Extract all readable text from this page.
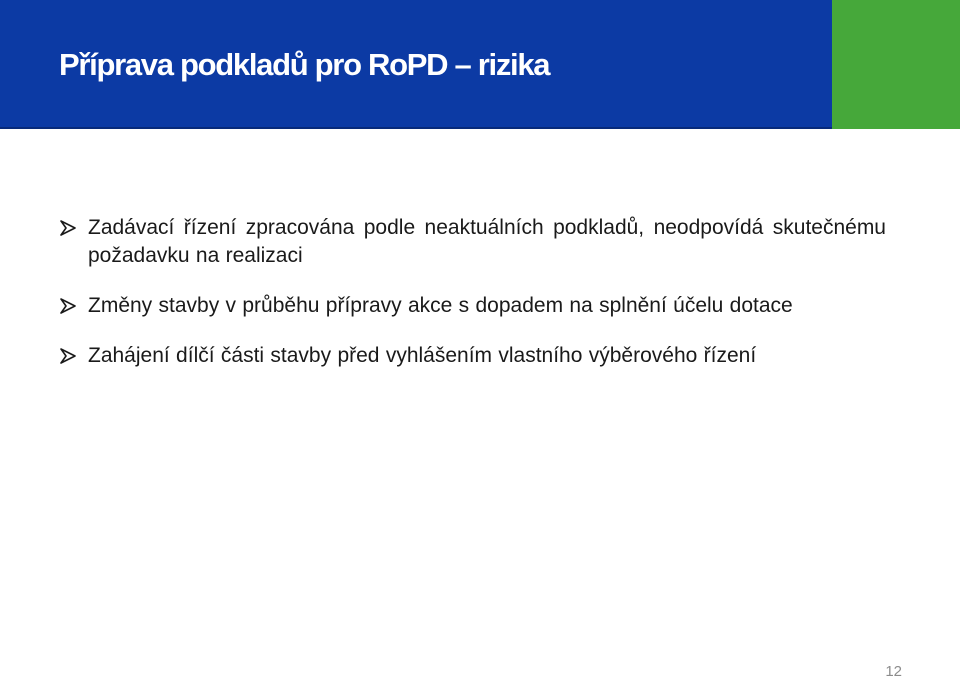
Příprava podkladů pro RoPD – rizika
Zadávací řízení zpracována podle neaktuálních podkladů, neodpovídá skutečnému požadavku na realizaci
Změny stavby v průběhu přípravy akce s dopadem na splnění účelu dotace
Zahájení dílčí části stavby před vyhlášením vlastního výběrového řízení
12
